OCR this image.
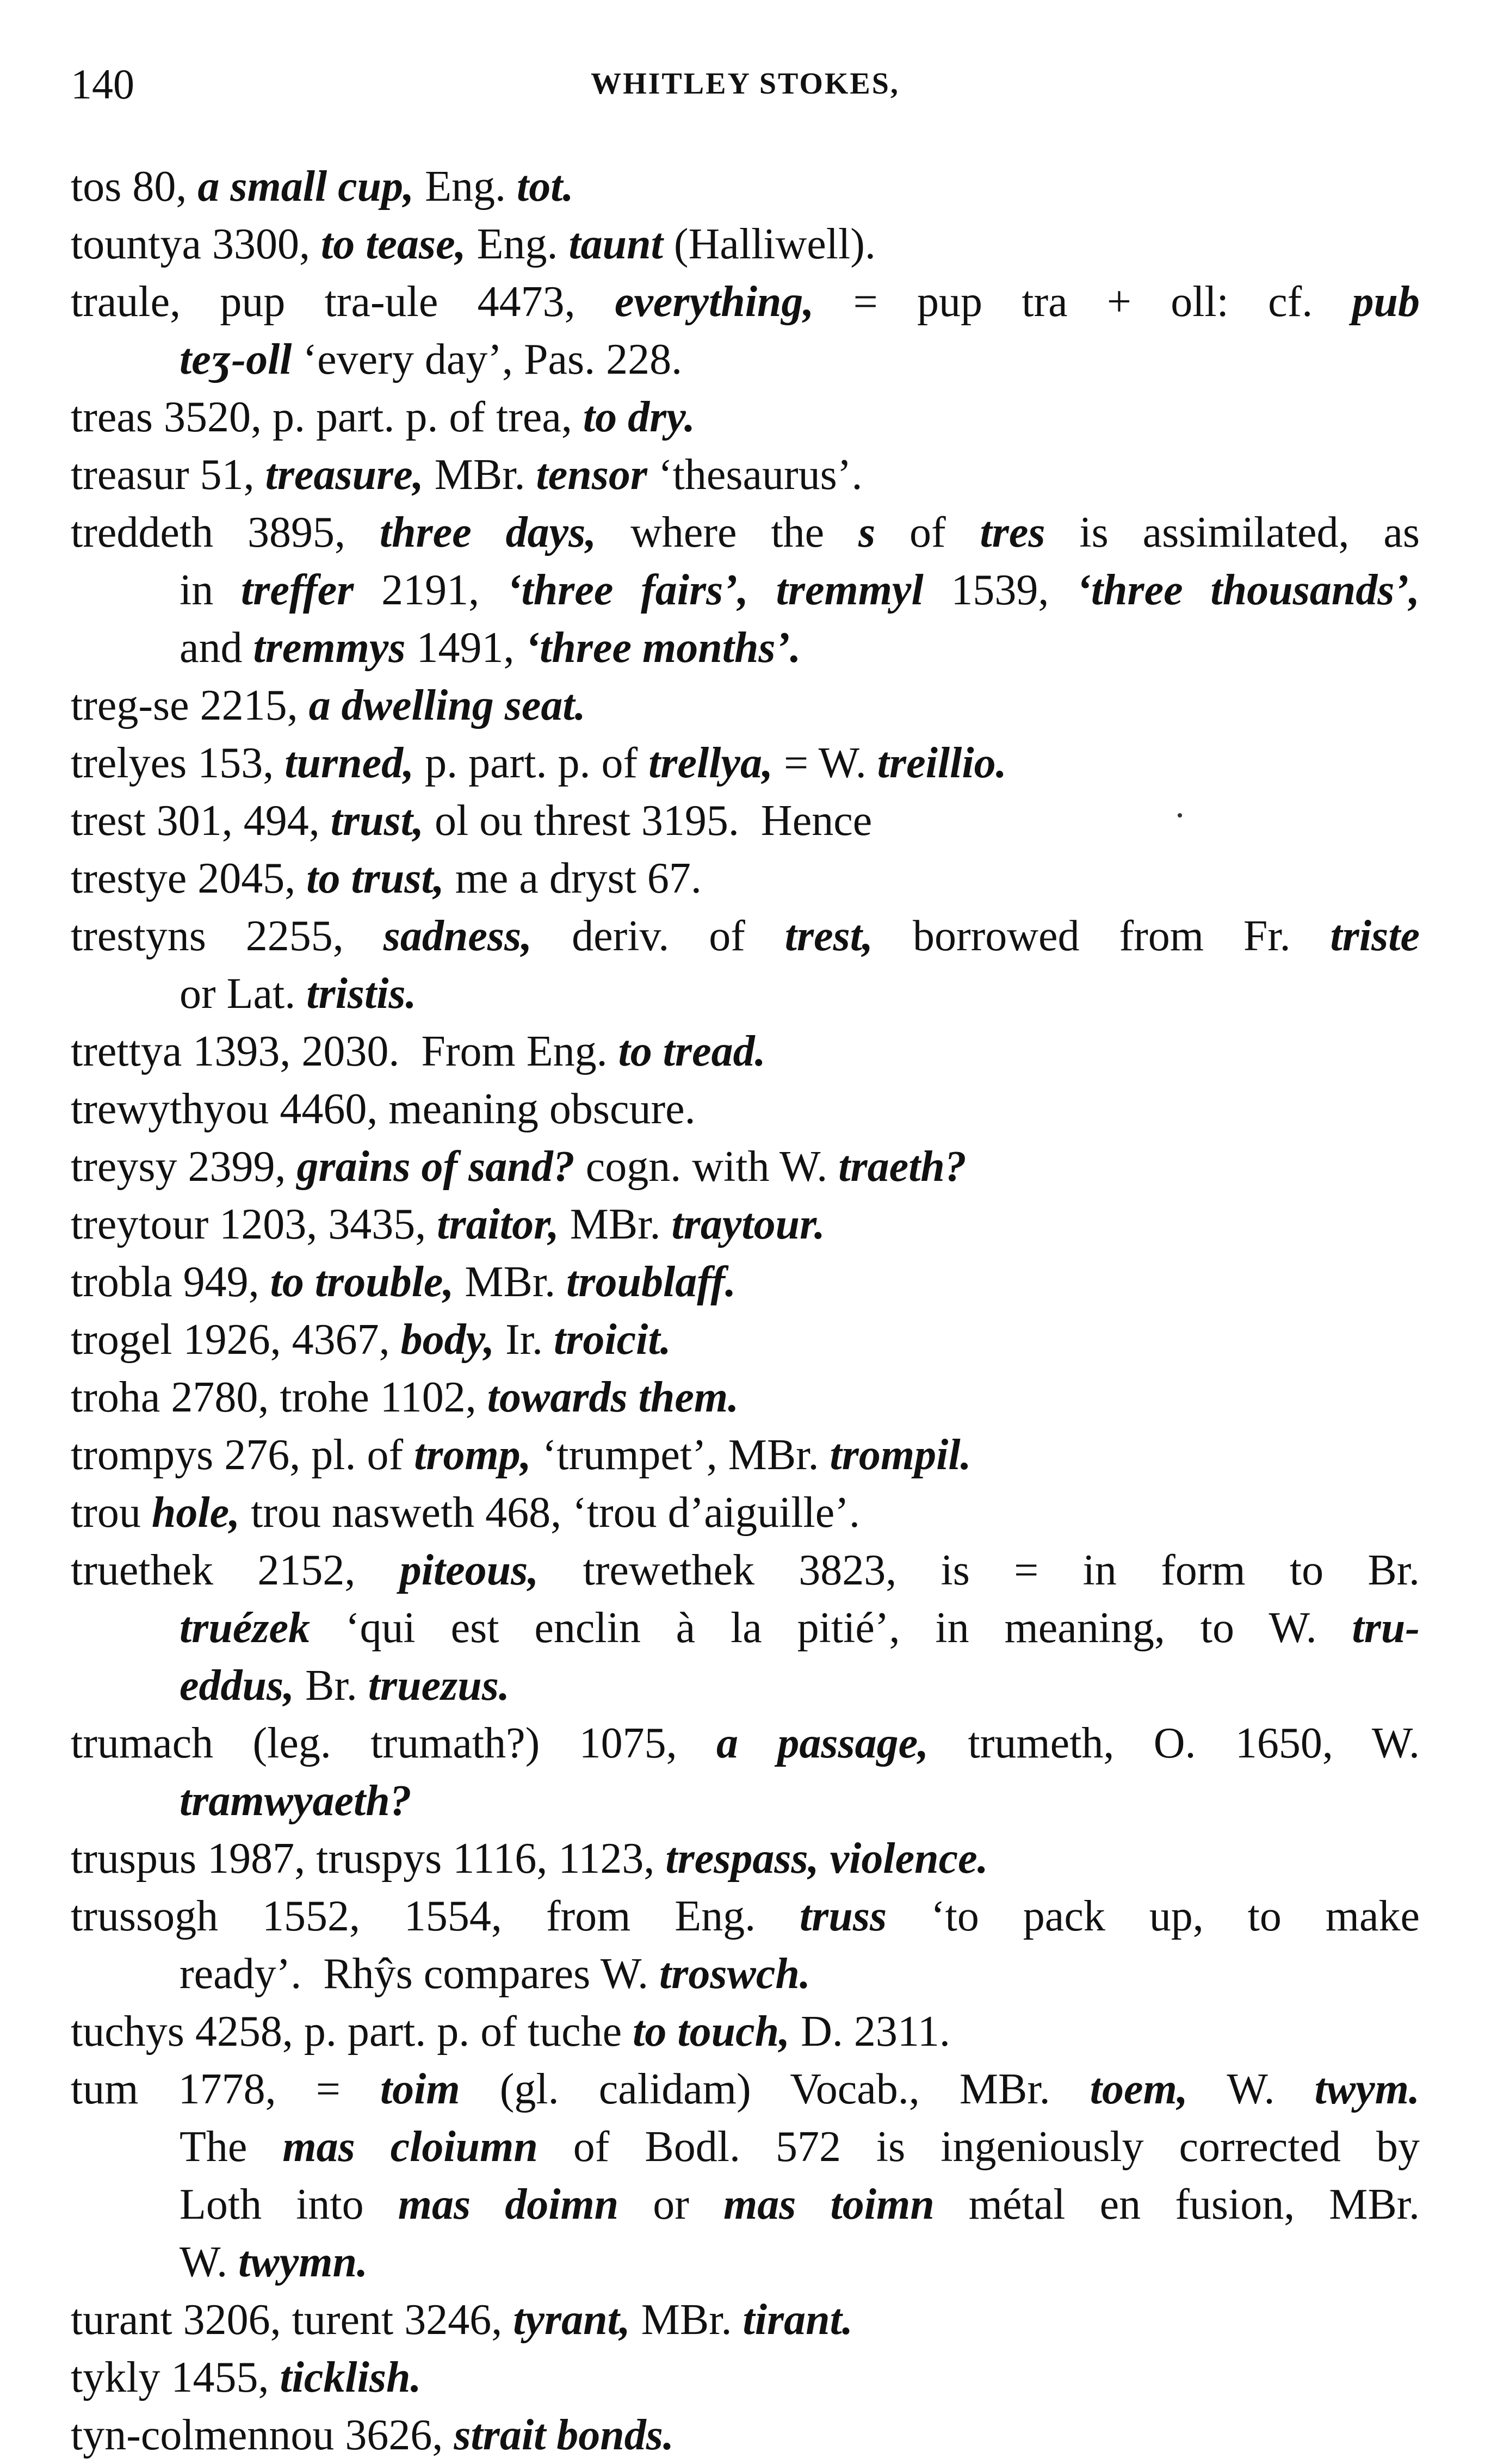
140	WHITLEY STOKES,
tos 80, a small cup, Eng. tot.
tountya 3300, to tease, Eng. taunt (Halliwell).
traule, pup tra-ule 4473, everything, = pup tra + oll: cf. pub
teʒ-oll ‘every day’, Pas. 228.
treas 3520, p. part. p. of trea, to dry.
treasur 51, treasure, MBr. tensor ‘thesaurus’.
treddeth 3895, three days, where the s of tres is assimilated, as
in treffer 2191, ‘three fairs’, tremmyl 1539, ‘three thousands’,
and tremmys 1491, ‘three months’.
treg-se 2215, a dwelling seat.
trelyes 153, turned, p. part. p. of trellya, = W. treillio.
trest 301, 494, trust, ol ou threst 3195.  Hence
trestye 2045, to trust, me a dryst 67.
trestyns 2255, sadness, deriv. of trest, borrowed from Fr. triste
or Lat. tristis.
trettya 1393, 2030.  From Eng. to tread.
trewythyou 4460, meaning obscure.
treysy 2399, grains of sand? cogn. with W. traeth?
treytour 1203, 3435, traitor, MBr. traytour.
trobla 949, to trouble, MBr. troublaff.
trogel 1926, 4367, body, Ir. troicit.
troha 2780, trohe 1102, towards them.
trompys 276, pl. of tromp, ‘trumpet’, MBr. trompil.
trou hole, trou nasweth 468, ‘trou d’aiguille’.
truethek 2152, piteous, trewethek 3823, is = in form to Br.
truézek ‘qui est enclin à la pitié’, in meaning, to W. tru-
eddus, Br. truezus.
trumach (leg. trumath?) 1075, a passage, trumeth, O. 1650, W.
tramwyaeth?
truspus 1987, truspys 1116, 1123, trespass, violence.
trussogh 1552, 1554, from Eng. truss ‘to pack up, to make
ready’.  Rhŷs compares W. troswch.
tuchys 4258, p. part. p. of tuche to touch, D. 2311.
tum 1778, = toim (gl. calidam) Vocab., MBr. toem, W. twym.
The mas cloiumn of Bodl. 572 is ingeniously corrected by
Loth into mas doimn or mas toimn métal en fusion, MBr.
W. twymn.
turant 3206, turent 3246, tyrant, MBr. tirant.
tykly 1455, ticklish.
tyn-colmennou 3626, strait bonds.
